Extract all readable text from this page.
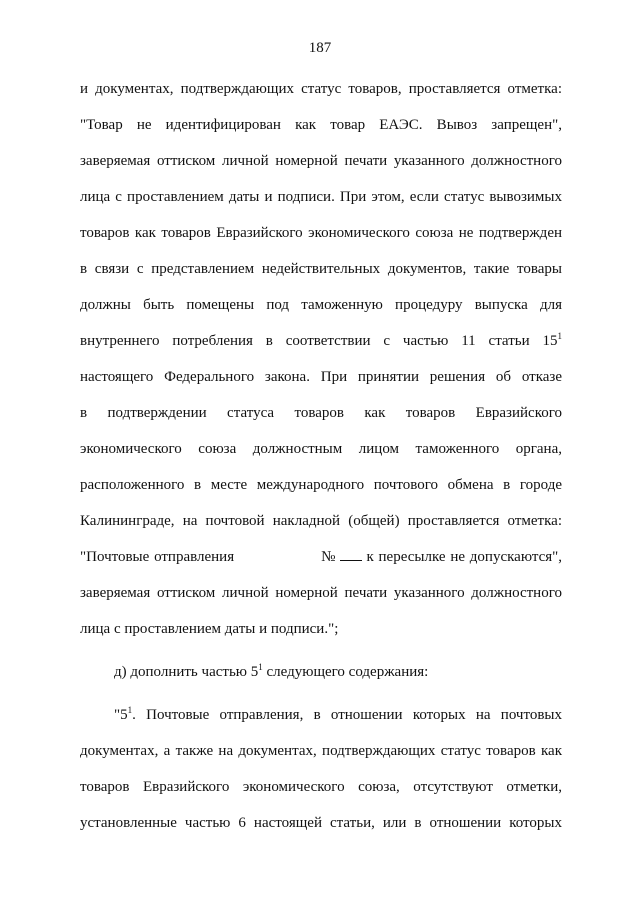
187
и документах, подтверждающих статус товаров, проставляется отметка:
"Товар не идентифицирован как товар ЕАЭС. Вывоз запрещен",
заверяемая оттиском личной номерной печати указанного должностного
лица с проставлением даты и подписи. При этом, если статус вывозимых
товаров как товаров Евразийского экономического союза не подтвержден
в связи с представлением недействительных документов, такие товары
должны быть помещены под таможенную процедуру выпуска для
внутреннего потребления в соответствии с частью 11 статьи $15^1$
настоящего Федерального закона. При принятии решения об отказе
в подтверждении статуса товаров как товаров Евразийского
экономического союза должностным лицом таможенного органа,
расположенного в месте международного почтового обмена в городе
Калининграде, на почтовой накладной (общей) проставляется отметка:
"Почтовые отправления	№ к пересылке не допускаются",
заверяемая оттиском личной номерной печати указанного должностного
лица с проставлением даты и подписи.";
д) дополнить частью $5^1$ следующего содержания:
"$5^1$. Почтовые отправления, в отношении которых на почтовых
документах, а также на документах, подтверждающих статус товаров как
товаров Евразийского экономического союза, отсутствуют отметки,
установленные частью 6 настоящей статьи, или в отношении которых
